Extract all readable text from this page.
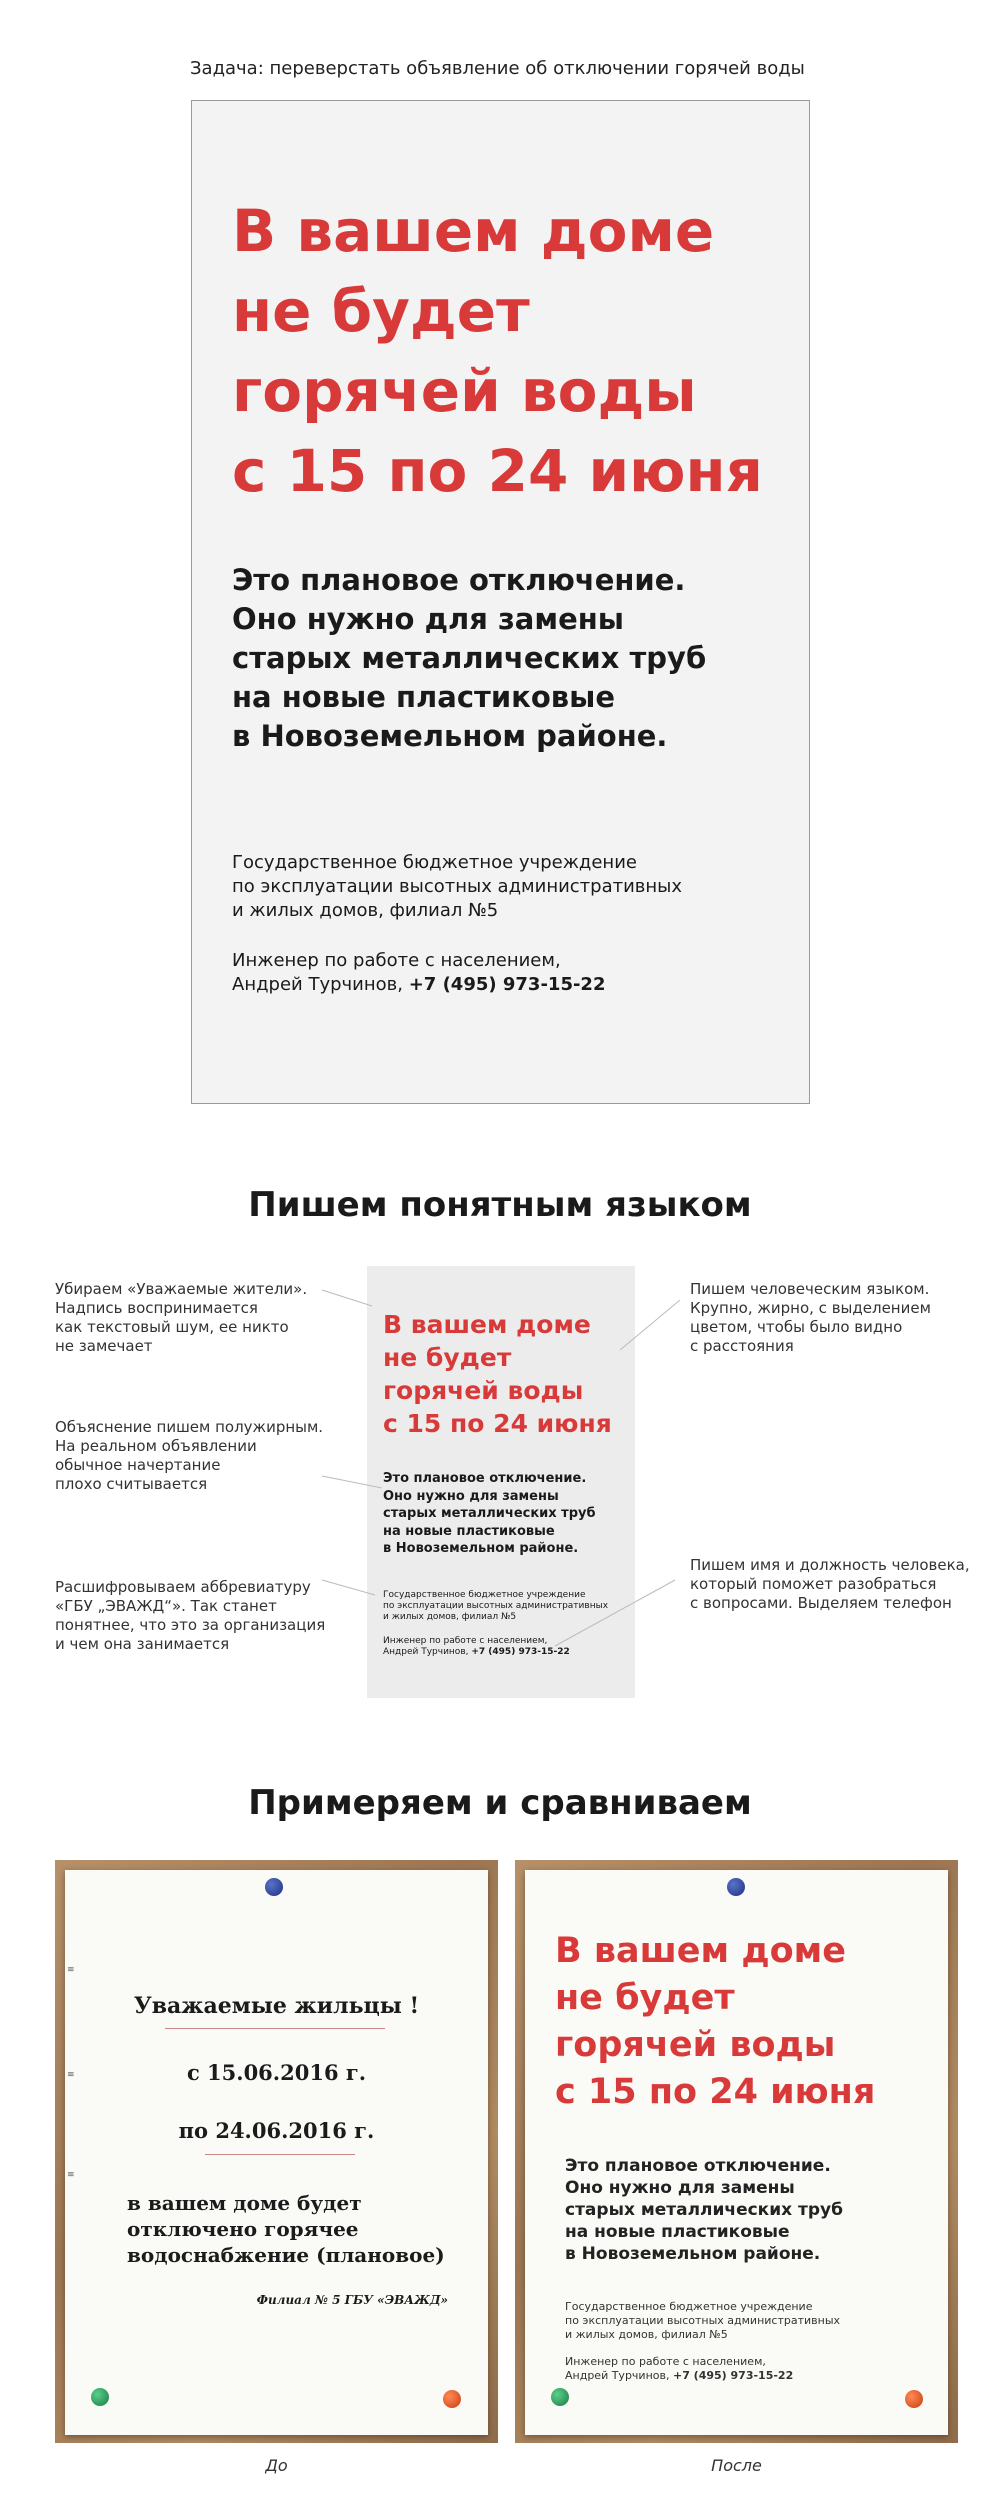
Задача: переверстать объявление об отключении горячей воды
В вашем доме
не будет
горячей воды
с 15 по 24 июня
Это плановое отключение.
Оно нужно для замены
старых металлических труб
на новые пластиковые
в Новоземельном районе.
Государственное бюджетное учреждение
по эксплуатации высотных административных
и жилых домов, филиал №5
Инженер по работе с населением,
Андрей Турчинов, +7 (495) 973-15-22
Пишем понятным языком
В вашем доме
не будет
горячей воды
с 15 по 24 июня
Это плановое отключение.
Оно нужно для замены
старых металлических труб
на новые пластиковые
в Новоземельном районе.
Государственное бюджетное учреждение
по эксплуатации высотных административных
и жилых домов, филиал №5
Инженер по работе с населением,
Андрей Турчинов, +7 (495) 973-15-22
Убираем «Уважаемые жители».
Надпись воспринимается
как текстовый шум, ее никто
не замечает
Объяснение пишем полужирным.
На реальном объявлении
обычное начертание
плохо считывается
Расшифровываем аббревиатуру
«ГБУ „ЭВАЖД“». Так станет
понятнее, что это за организация
и чем она занимается
Пишем человеческим языком.
Крупно, жирно, с выделением
цветом, чтобы было видно
с расстояния
Пишем имя и должность человека,
который поможет разобраться
с вопросами. Выделяем телефон
Примеряем и сравниваем
≡
≡
≡
Уважаемые жильцы !
с 15.06.2016 г.
по 24.06.2016 г.
в вашем доме будет
отключено горячее
водоснабжение (плановое)
Филиал № 5 ГБУ «ЭВАЖД»
До
В вашем доме
не будет
горячей воды
с 15 по 24 июня
Это плановое отключение.
Оно нужно для замены
старых металлических труб
на новые пластиковые
в Новоземельном районе.
Государственное бюджетное учреждение
по эксплуатации высотных административных
и жилых домов, филиал №5
Инженер по работе с населением,
Андрей Турчинов, +7 (495) 973-15-22
После
